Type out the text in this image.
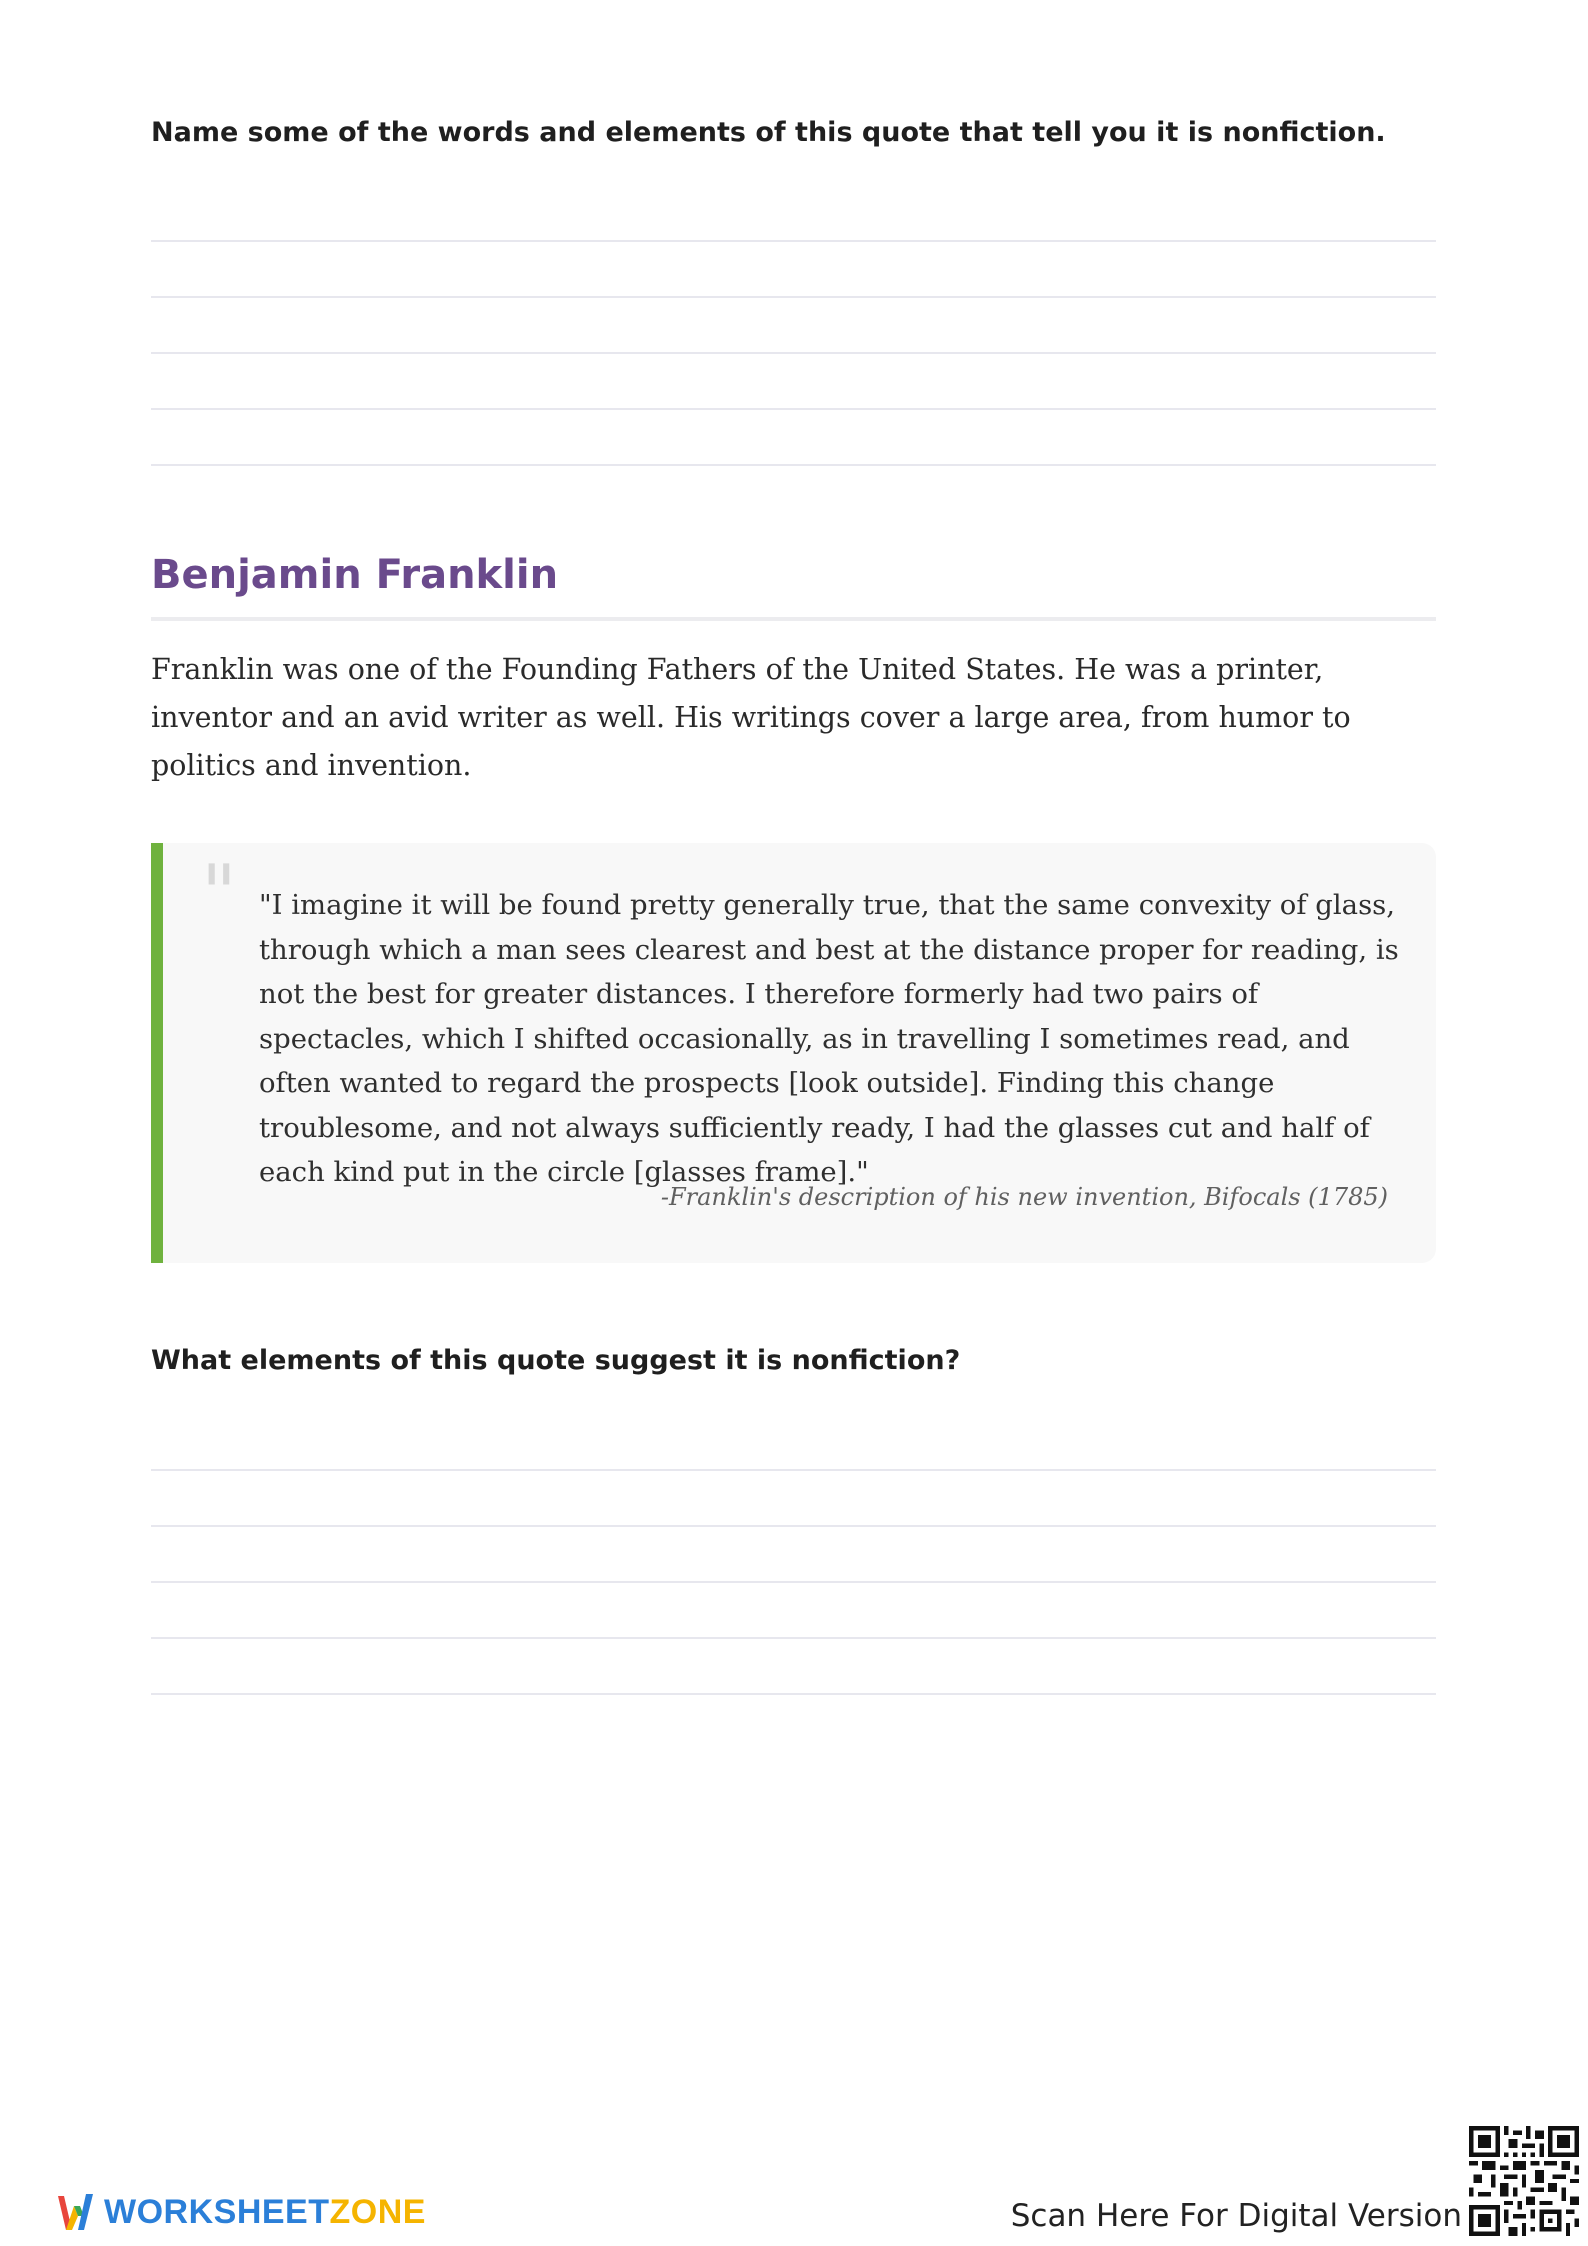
Name some of the words and elements of this quote that tell you it is nonfiction.

Benjamin Franklin

Franklin was one of the Founding Fathers of the United States. He was a printer, inventor and an avid writer as well. His writings cover a large area, from humor to politics and invention.

" "I imagine it will be found pretty generally true, that the same convexity of glass, through which a man sees clearest and best at the distance proper for reading, is not the best for greater distances. I therefore formerly had two pairs of spectacles, which I shifted occasionally, as in travelling I sometimes read, and often wanted to regard the prospects [look outside]. Finding this change troublesome, and not always sufficiently ready, I had the glasses cut and half of each kind put in the circle [glasses frame]."

-Franklin's description of his new invention, Bifocals (1785)

What elements of this quote suggest it is nonfiction?

WORKSHEETZONE	Scan Here For Digital Version
